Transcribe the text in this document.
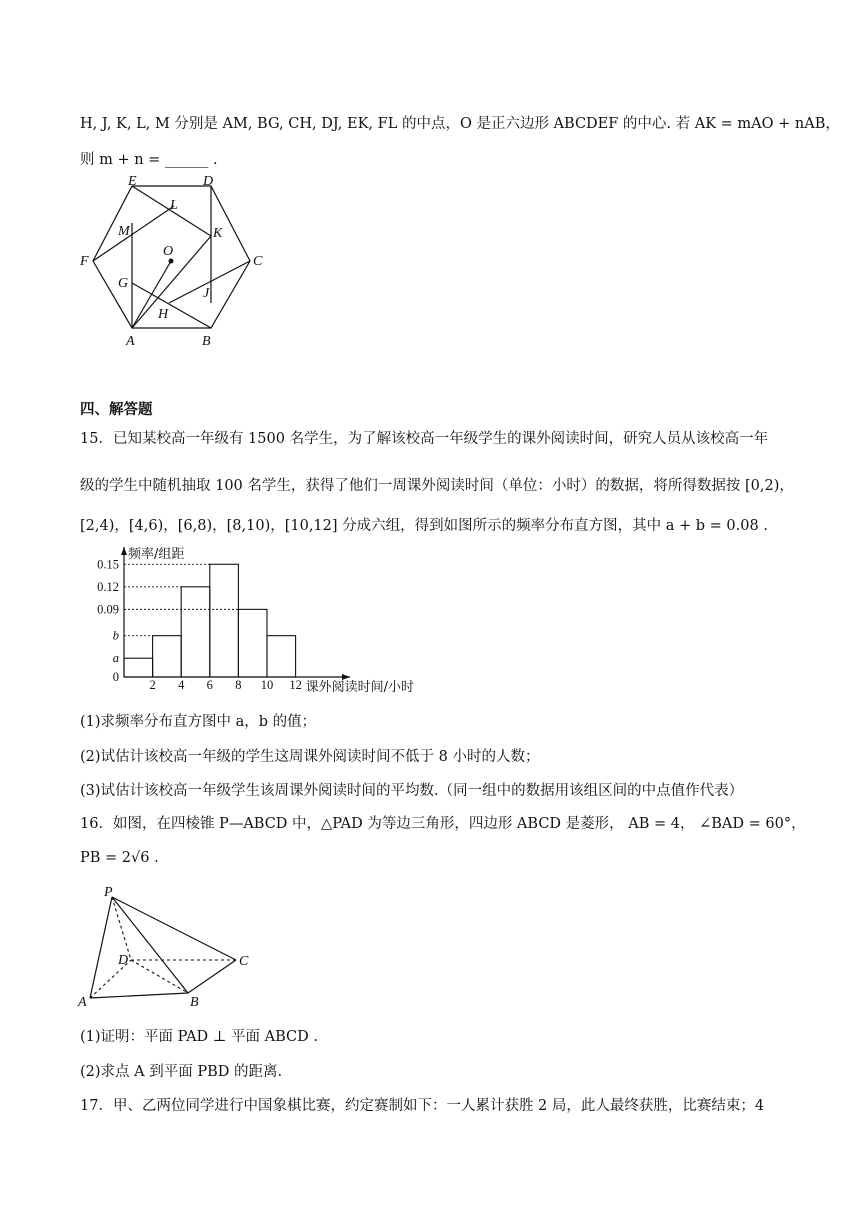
H, J, K, L, M 分别是 AM, BG, CH, DJ, EK, FL 的中点，O 是正六边形 ABCDEF 的中心. 若 AK = mAO + nAB，
则 m + n = ______ .
E	D
L
M	K
O
F	C
G
J
H
A	B
四、解答题
15．已知某校高一年级有 1500 名学生，为了解该校高一年级学生的课外阅读时间，研究人员从该校高一年
级的学生中随机抽取 100 名学生，获得了他们一周课外阅读时间（单位：小时）的数据，将所得数据按 [0,2)，
[2,4)，[4,6)，[6,8)，[8,10)，[10,12] 分成六组，得到如图所示的频率分布直方图，其中 a + b = 0.08 .
0
a
b
0.09
0.12
0.15
2 4 6 8 10 12
频率/组距
课外阅读时间/小时
(1)求频率分布直方图中 a，b 的值；
(2)试估计该校高一年级的学生这周课外阅读时间不低于 8 小时的人数；
(3)试估计该校高一年级学生该周课外阅读时间的平均数.（同一组中的数据用该组区间的中点值作代表）
16．如图，在四棱锥 P—ABCD 中，△PAD 为等边三角形，四边形 ABCD 是菱形， AB = 4， ∠BAD = 60°，
PB = 2√6 .
P
D	C
A	B
(1)证明：平面 PAD ⊥ 平面 ABCD .
(2)求点 A 到平面 PBD 的距离.
17．甲、乙两位同学进行中国象棋比赛，约定赛制如下：一人累计获胜 2 局，此人最终获胜，比赛结束；4
